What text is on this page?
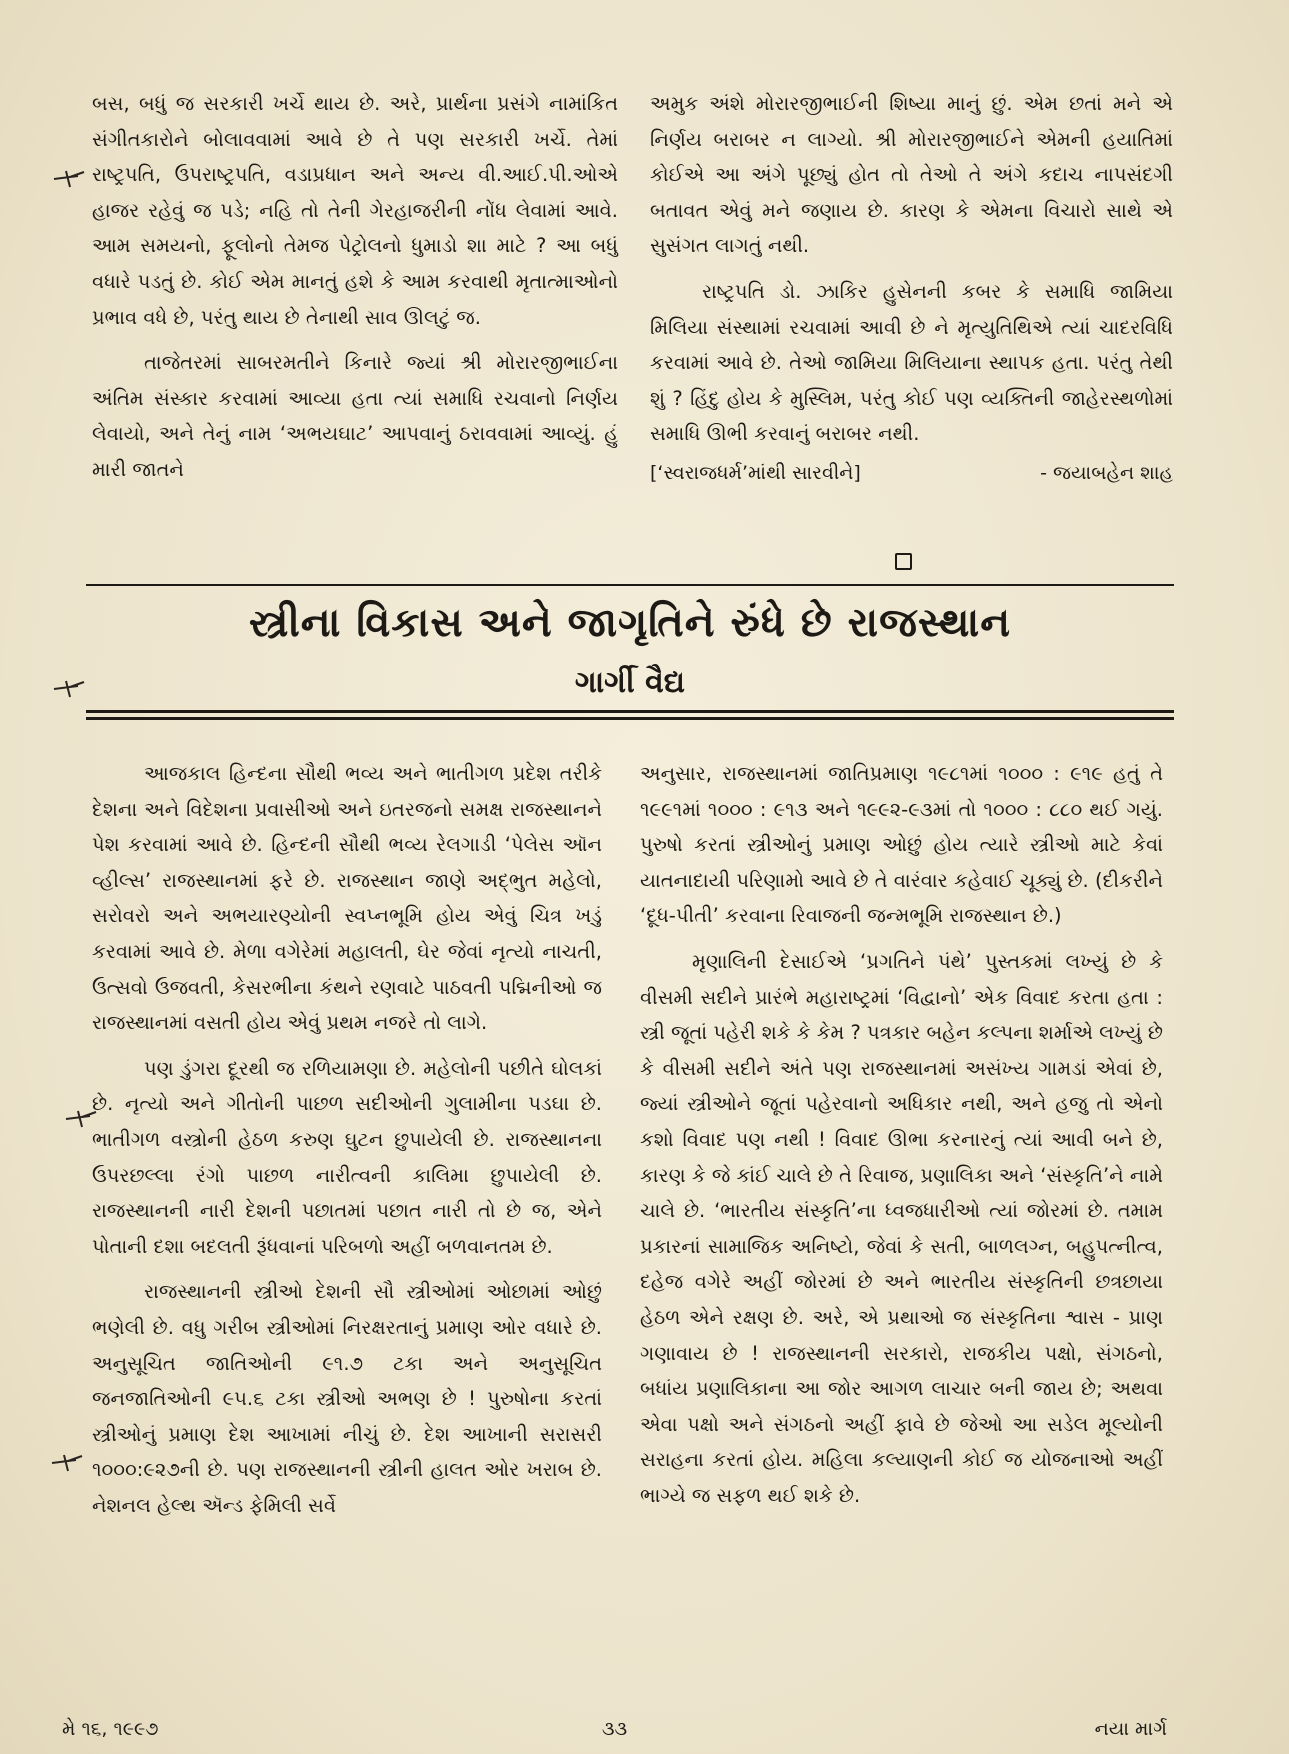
બસ, બધું જ સરકારી ખર્ચે થાય છે. અરે, પ્રાર્થના પ્રસંગે નામાંકિત સંગીતકારોને બોલાવવામાં આવે છે તે પણ સરકારી ખર્ચે. તેમાં રાષ્ટ્રપતિ, ઉપરાષ્ટ્રપતિ, વડાપ્રધાન અને અન્ય વી.આઈ.પી.ઓએ હાજર રહેવું જ પડે; નહિ તો તેની ગેરહાજરીની નોંધ લેવામાં આવે. આમ સમયનો, ફૂલોનો તેમજ પેટ્રોલનો ધુમાડો શા માટે ? આ બધું વધારે પડતું છે. કોઈ એમ માનતું હશે કે આમ કરવાથી મૃતાત્માઓનો પ્રભાવ વધે છે, પરંતુ થાય છે તેનાથી સાવ ઊલટું જ.

તાજેતરમાં સાબરમતીને કિનારે જ્યાં શ્રી મોરારજીભાઈના અંતિમ સંસ્કાર કરવામાં આવ્યા હતા ત્યાં સમાધિ રચવાનો નિર્ણય લેવાયો, અને તેનું નામ ‘અભયઘાટ’ આપવાનું ઠરાવવામાં આવ્યું. હું મારી જાતને

અમુક અંશે મોરારજીભાઈની શિષ્યા માનું છું. એમ છતાં મને એ નિર્ણય બરાબર ન લાગ્યો. શ્રી મોરારજીભાઈને એમની હયાતિમાં કોઈએ આ અંગે પૂછ્યું હોત તો તેઓ તે અંગે કદાચ નાપસંદગી બતાવત એવું મને જણાય છે. કારણ કે એમના વિચારો સાથે એ સુસંગત લાગતું નથી.

રાષ્ટ્રપતિ ડો. ઝાકિર હુસેનની કબર કે સમાધિ જામિયા મિલિયા સંસ્થામાં રચવામાં આવી છે ને મૃત્યુતિથિએ ત્યાં ચાદરવિધિ કરવામાં આવે છે. તેઓ જામિયા મિલિયાના સ્થાપક હતા. પરંતુ તેથી શું ? હિંદુ હોય કે મુસ્લિમ, પરંતુ કોઈ પણ વ્યક્તિની જાહેરસ્થળોમાં સમાધિ ઊભી કરવાનું બરાબર નથી.

[‘સ્વરાજધર્મ’માંથી સારવીને]	- જયાબહેન શાહ
સ્ત્રીના વિકાસ અને જાગૃતિને રુંધે છે રાજસ્થાન
ગાર્ગી વૈદ્ય

આજકાલ હિન્દના સૌથી ભવ્ય અને ભાતીગળ પ્રદેશ તરીકે દેશના અને વિદેશના પ્રવાસીઓ અને ઇતરજનો સમક્ષ રાજસ્થાનને પેશ કરવામાં આવે છે. હિન્દની સૌથી ભવ્ય રેલગાડી ‘પેલેસ ઑન વ્હીલ્સ’ રાજસ્થાનમાં ફરે છે. રાજસ્થાન જાણે અદ્‌ભુત મહેલો, સરોવરો અને અભયારણ્યોની સ્વપ્નભૂમિ હોય એવું ચિત્ર ખડું કરવામાં આવે છે. મેળા વગેરેમાં મહાલતી, ઘેર જેવાં નૃત્યો નાચતી, ઉત્સવો ઉજવતી, કેસરભીના કંથને રણવાટે પાઠવતી પદ્મિનીઓ જ રાજસ્થાનમાં વસતી હોય એવું પ્રથમ નજરે તો લાગે.

પણ ડુંગરા દૂરથી જ રળિયામણા છે. મહેલોની પછીતે ઘોલકાં છે. નૃત્યો અને ગીતોની પાછળ સદીઓની ગુલામીના પડઘા છે. ભાતીગળ વસ્ત્રોની હેઠળ કરુણ ઘુટન છુપાયેલી છે. રાજસ્થાનના ઉપરછલ્લા રંગો પાછળ નારીત્વની કાલિમા છુપાયેલી છે. રાજસ્થાનની નારી દેશની પછાતમાં પછાત નારી તો છે જ, એને પોતાની દશા બદલતી રૂંધવાનાં પરિબળો અહીં બળવાનતમ છે.

રાજસ્થાનની સ્ત્રીઓ દેશની સૌ સ્ત્રીઓમાં ઓછામાં ઓછું ભણેલી છે. વધુ ગરીબ સ્ત્રીઓમાં નિરક્ષરતાનું પ્રમાણ ઓર વધારે છે. અનુસૂચિત જાતિઓની ૯૧.૭ ટકા અને અનુસૂચિત જનજાતિઓની ૯૫.૬ ટકા સ્ત્રીઓ અભણ છે ! પુરુષોના કરતાં સ્ત્રીઓનું પ્રમાણ દેશ આખામાં નીચું છે. દેશ આખાની સરાસરી ૧૦૦૦:૯૨૭ની છે. પણ રાજસ્થાનની સ્ત્રીની હાલત ઓર ખરાબ છે. નેશનલ હેલ્થ ઍન્ડ ફેમિલી સર્વે

અનુસાર, રાજસ્થાનમાં જાતિપ્રમાણ ૧૯૮૧માં ૧૦૦૦ : ૯૧૯ હતું તે ૧૯૯૧માં ૧૦૦૦ : ૯૧૩ અને ૧૯૯૨-૯૩માં તો ૧૦૦૦ : ૮૮૦ થઈ ગયું. પુરુષો કરતાં સ્ત્રીઓનું પ્રમાણ ઓછું હોય ત્યારે સ્ત્રીઓ માટે કેવાં યાતનાદાયી પરિણામો આવે છે તે વારંવાર કહેવાઈ ચૂક્યું છે. (દીકરીને ‘દૂધ-પીતી’ કરવાના રિવાજની જન્મભૂમિ રાજસ્થાન છે.)

મૃણાલિની દેસાઈએ ‘પ્રગતિને પંથે’ પુસ્તકમાં લખ્યું છે કે વીસમી સદીને પ્રારંભે મહારાષ્ટ્રમાં ‘વિદ્વાનો’ એક વિવાદ કરતા હતા : સ્ત્રી જૂતાં પહેરી શકે કે કેમ ? પત્રકાર બહેન કલ્પના શર્માએ લખ્યું છે કે વીસમી સદીને અંતે પણ રાજસ્થાનમાં અસંખ્ય ગામડાં એવાં છે, જ્યાં સ્ત્રીઓને જૂતાં પહેરવાનો અધિકાર નથી, અને હજુ તો એનો કશો વિવાદ પણ નથી ! વિવાદ ઊભા કરનારનું ત્યાં આવી બને છે, કારણ કે જે કાંઈ ચાલે છે તે રિવાજ, પ્રણાલિકા અને ‘સંસ્કૃતિ’ને નામે ચાલે છે. ‘ભારતીય સંસ્કૃતિ’ના ધ્વજધારીઓ ત્યાં જોરમાં છે. તમામ પ્રકારનાં સામાજિક અનિષ્ટો, જેવાં કે સતી, બાળલગ્ન, બહુપત્નીત્વ, દહેજ વગેરે અહીં જોરમાં છે અને ભારતીય સંસ્કૃતિની છત્રછાયા હેઠળ એને રક્ષણ છે. અરે, એ પ્રથાઓ જ સંસ્કૃતિના શ્વાસ - પ્રાણ ગણાવાય છે ! રાજસ્થાનની સરકારો, રાજકીય પક્ષો, સંગઠનો, બધાંય પ્રણાલિકાના આ જોર આગળ લાચાર બની જાય છે; અથવા એવા પક્ષો અને સંગઠનો અહીં ફાવે છે જેઓ આ સડેલ મૂલ્યોની સરાહના કરતાં હોય. મહિલા કલ્યાણની કોઈ જ યોજનાઓ અહીં ભાગ્યે જ સફળ થઈ શકે છે.

મે ૧૬, ૧૯૯૭	૩૩	નયા માર્ગ
